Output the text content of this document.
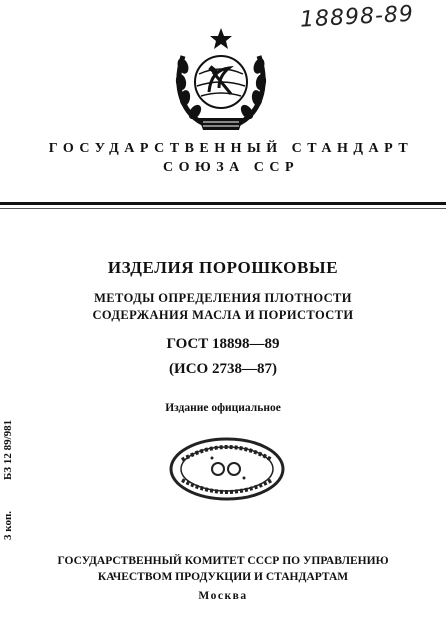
18898-89
ГОСУДАРСТВЕННЫЙ СТАНДАРТ
СОЮЗА ССР
ИЗДЕЛИЯ ПОРОШКОВЫЕ
МЕТОДЫ ОПРЕДЕЛЕНИЯ ПЛОТНОСТИ
СОДЕРЖАНИЯ МАСЛА И ПОРИСТОСТИ
ГОСТ 18898—89
(ИСО 2738—87)
Издание официальное
3 коп.
БЗ 12 89/981
ГОСУДАРСТВЕННЫЙ КОМИТЕТ СССР ПО УПРАВЛЕНИЮ
КАЧЕСТВОМ ПРОДУКЦИИ И СТАНДАРТАМ
Москва
